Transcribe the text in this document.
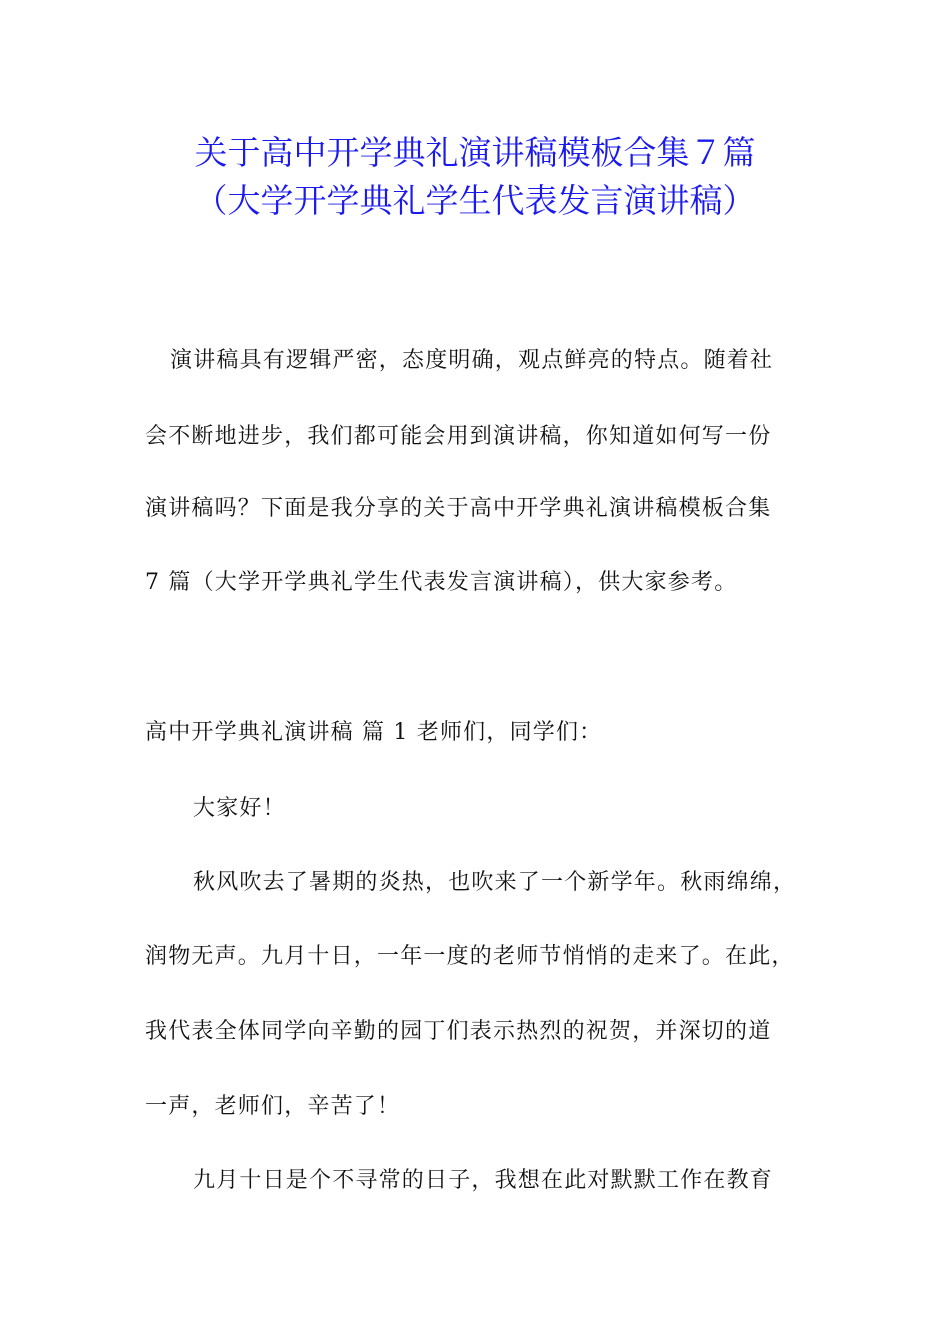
关于高中开学典礼演讲稿模板合集７篇
（大学开学典礼学生代表发言演讲稿）
演讲稿具有逻辑严密，态度明确，观点鲜亮的特点。随着社
会不断地进步，我们都可能会用到演讲稿，你知道如何写一份
演讲稿吗？下面是我分享的关于高中开学典礼演讲稿模板合集
7 篇（大学开学典礼学生代表发言演讲稿），供大家参考。
高中开学典礼演讲稿 篇 1 老师们，同学们：
大家好！
秋风吹去了暑期的炎热，也吹来了一个新学年。秋雨绵绵，
润物无声。九月十日，一年一度的老师节悄悄的走来了。在此，
我代表全体同学向辛勤的园丁们表示热烈的祝贺，并深切的道
一声，老师们，辛苦了！
九月十日是个不寻常的日子，我想在此对默默工作在教育
